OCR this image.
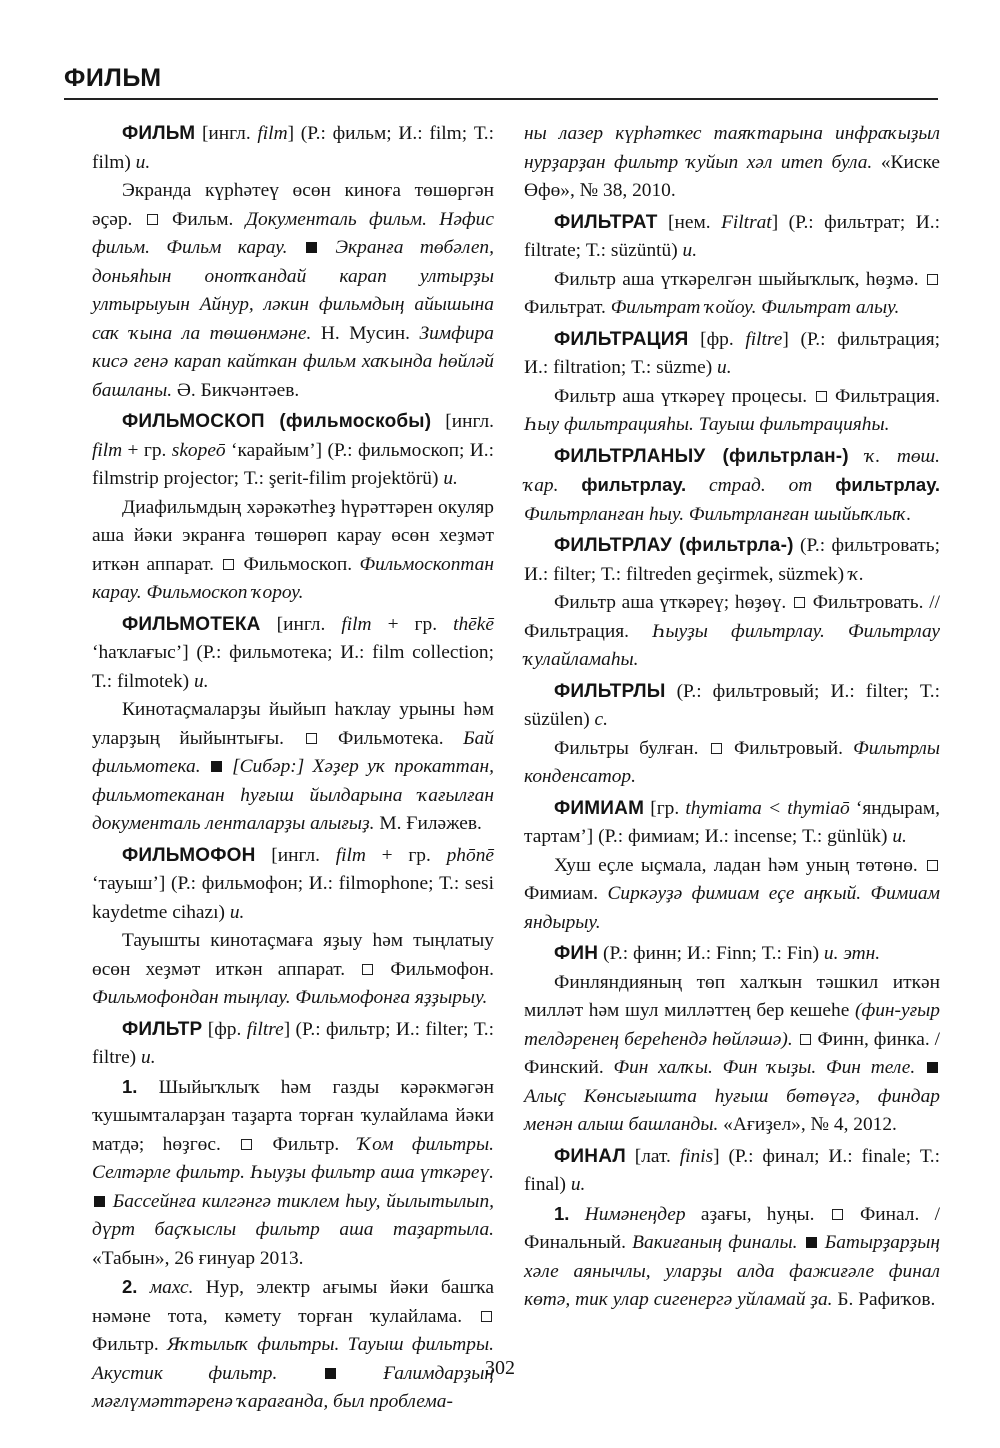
ФИЛЬМ

ФИЛЬМ [ингл. film] (Р.: фильм; И.: film; Т.: film) и.

Экранда күрһәтеү өсөн киноға төшөргән әҫәр.  Фильм. Документаль фильм. Нәфис фильм. Фильм карау.  Экранға төбәлеп, доньяһын онотҡандай карап ултырҙы ултырыуын Айнур, ләкин фильмдың айышына саҡ ҡына ла төшөнмәне. Н. Мусин. Зимфира кисә генә карап кайткан фильм хаҡында һөйләй башланы. Ә. Бикчәнтәев.

ФИЛЬМОСКОП (фильмоскобы) [ингл. film + гр. skopeō ‘карайым’] (Р.: фильмоскоп; И.: filmstrip projector; Т.: şerit-filim projektörü) и.

Диафильмдың хәрәкәтһеҙ һүрәттәрен окуляр аша йәки экранға төшөрөп карау өсөн хеҙмәт иткән аппарат.  Фильмоскоп. Фильмоскоптан карау. Фильмоскоп ҡороу.

ФИЛЬМОТЕКА [ингл. film + гр. thēkē ‘һаҡлағыс’] (Р.: фильмотека; И.: film collection; Т.: filmotek) и.

Кинотаҫмаларҙы йыйып һаҡлау урыны һәм уларҙың йыйынтығы.  Фильмотека. Бай фильмотека.  [Сибәр:] Хәҙер уҡ прокаттан, фильмотеканан һуғыш йылдарына ҡағылған документаль ленталарҙы алығыҙ. М. Ғиләжев.

ФИЛЬМОФОН [ингл. film + гр. phōnē ‘тауыш’] (Р.: фильмофон; И.: filmophone; Т.: sesi kaydetme cihazı) и.

Тауышты кинотаҫмаға яҙыу һәм тыңлатыу өсөн хеҙмәт иткән аппарат.  Фильмофон. Фильмофондан тыңлау. Фильмофонға яҙҙырыу.

ФИЛЬТР [фр. filtre] (Р.: фильтр; И.: filter; Т.: filtre) и.

1. Шыйыҡлыҡ һәм газды кәрәкмәгән ҡушымталарҙан таҙарта торған ҡулайлама йәки матдә; һөҙгөс.  Фильтр. Ҡом фильтры. Селтәрле фильтр. Һыуҙы фильтр аша үткәреү.  Бассейнға килгәнгә тиклем һыу, йылытылып, дүрт баҫҡыслы фильтр аша таҙартыла. «Табын», 26 ғинуар 2013.

2. махс. Нур, электр ағымы йәки башҡа нәмәне тота, кәмету торған ҡулайлама.  Фильтр. Яҡтылыҡ фильтры. Тауыш фильтры. Акустик фильтр.	Ғалимдарҙың мәғлүмәттәренә ҡарағанда, был проблема-

ны лазер күрһәткес таяҡтарына инфраҡыҙыл нурҙарҙан фильтр ҡуйып хәл итеп була. «Киске Өфө», № 38, 2010.

ФИЛЬТРАТ [нем. Filtrat] (Р.: фильтрат; И.: filtrate; Т.: süzüntü) и.

Фильтр аша үткәрелгән шыйыҡлыҡ, һөҙмә.  Фильтрат. Фильтрат ҡойоу. Фильтрат алыу.

ФИЛЬТРАЦИЯ [фр. filtre] (Р.: фильтрация; И.: filtration; Т.: süzme) и.

Фильтр аша үткәреү процесы.  Фильтрация. Һыу фильтрацияһы. Тауыш фильтрацияһы.

ФИЛЬТРЛАНЫУ (фильтрлан-) ҡ. төш. ҡар. фильтрлау. страд. от фильтрлау. Фильтрланған һыу. Фильтрланған шыйыҡлыҡ.

ФИЛЬТРЛАУ (фильтрла-) (Р.: фильтровать; И.: filter; Т.: filtreden geçirmek, süzmek) ҡ.

Фильтр аша үткәреү; һөҙөү.  Фильтровать. // Фильтрация. Һыуҙы фильтрлау. Фильтрлау ҡулайламаһы.

ФИЛЬТРЛЫ (Р.: фильтровый; И.: filter; Т.: süzülen) с.

Фильтры булған.  Фильтровый. Фильтрлы конденсатор.

ФИМИАМ [гр. thymiama < thymiaō ‘яндырам, тартам’] (Р.: фимиам; И.: incense; Т.: günlük) и.

Хуш еҫле ыҫмала, ладан һәм уның төтөнө.  Фимиам. Сиркәуҙә фимиам еҫе аңҡый. Фимиам яндырыу.

ФИН (Р.: финн; И.: Finn; Т.: Fin) и. этн.

Финляндияның төп халҡын тәшкил иткән милләт һәм шул милләттең бер кешеһе (фин-уғыр телдәренең береһендә һөйләшә).  Финн, финка. / Финский. Фин халҡы. Фин ҡыҙы. Фин теле.  Алыҫ Көнсығышта һуғыш бөтөүгә, финдар менән алыш башланды. «Ағиҙел», № 4, 2012.

ФИНАЛ [лат. finis] (Р.: финал; И.: finale; Т.: final) и.

1. Нимәнеңдер аҙағы, һуңы.  Финал. / Финальный. Вакиғаның финалы.  Батырҙарҙың хәле аянычлы, уларҙы алда фажиғәле финал көтә, тик улар сигенергә уйламай ҙа. Б. Рафиҡов.

302
